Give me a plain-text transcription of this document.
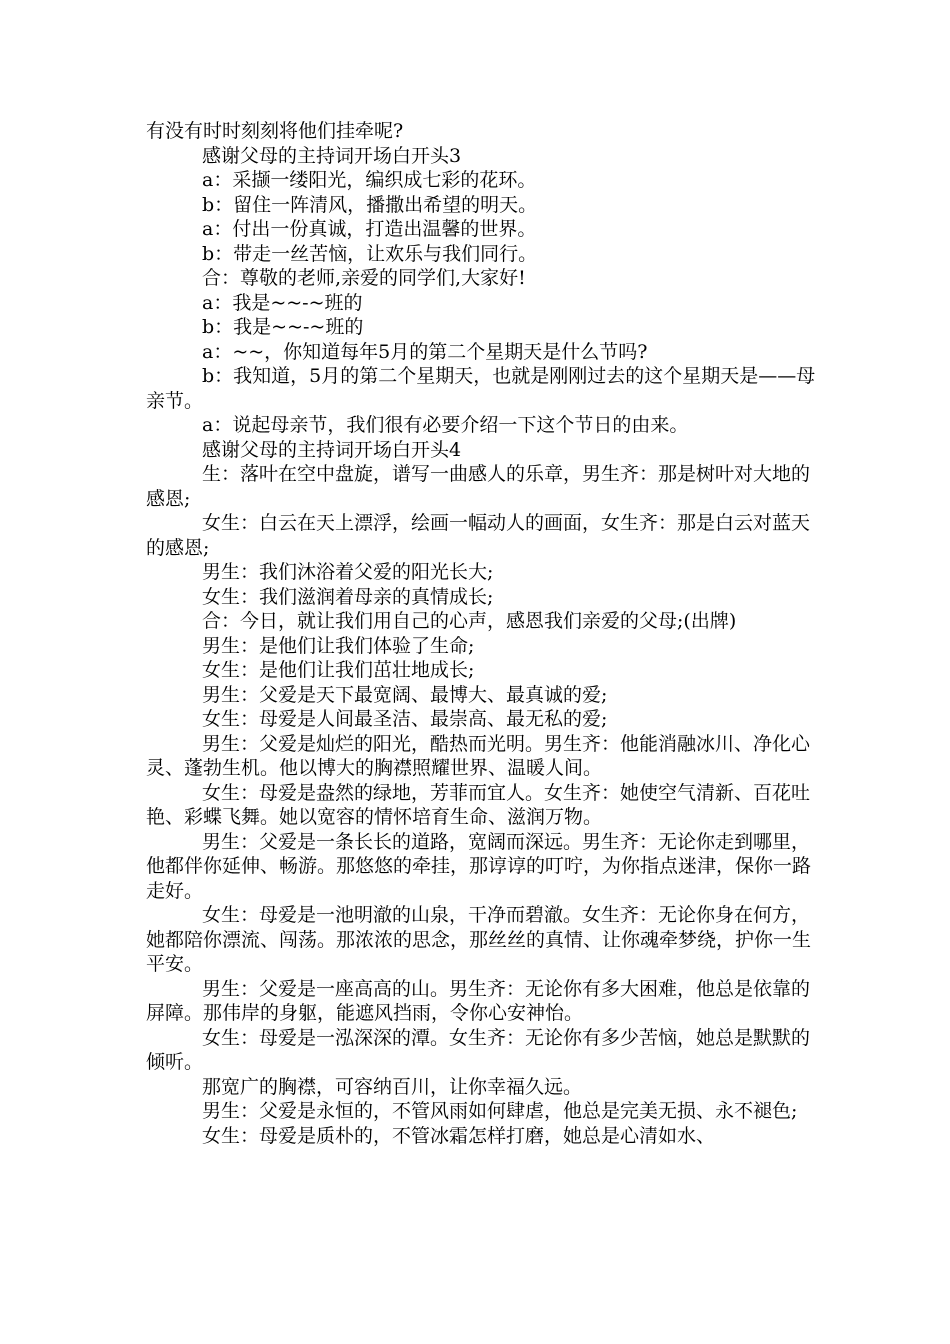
有没有时时刻刻将他们挂牵呢?

感谢父母的主持词开场白开头3

a：采撷一缕阳光，编织成七彩的花环。

b：留住一阵清风，播撒出希望的明天。

a：付出一份真诚，打造出温馨的世界。

b：带走一丝苦恼，让欢乐与我们同行。

合：尊敬的老师,亲爱的同学们,大家好!

a：我是~~-~班的

b：我是~~-~班的

a：~~，你知道每年5月的第二个星期天是什么节吗?

b：我知道，5月的第二个星期天，也就是刚刚过去的这个星期天是——母亲节。

a：说起母亲节，我们很有必要介绍一下这个节日的由来。

感谢父母的主持词开场白开头4

生：落叶在空中盘旋，谱写一曲感人的乐章，男生齐：那是树叶对大地的感恩;

女生：白云在天上漂浮，绘画一幅动人的画面，女生齐：那是白云对蓝天的感恩;

男生：我们沐浴着父爱的阳光长大;

女生：我们滋润着母亲的真情成长;

合：今日，就让我们用自己的心声，感恩我们亲爱的父母;(出牌)

男生：是他们让我们体验了生命;

女生：是他们让我们茁壮地成长;

男生：父爱是天下最宽阔、最博大、最真诚的爱;

女生：母爱是人间最圣洁、最崇高、最无私的爱;

男生：父爱是灿烂的阳光，酷热而光明。男生齐：他能消融冰川、净化心灵、蓬勃生机。他以博大的胸襟照耀世界、温暖人间。

女生：母爱是盎然的绿地，芳菲而宜人。女生齐：她使空气清新、百花吐艳、彩蝶飞舞。她以宽容的情怀培育生命、滋润万物。

男生：父爱是一条长长的道路，宽阔而深远。男生齐：无论你走到哪里，他都伴你延伸、畅游。那悠悠的牵挂，那谆谆的叮咛，为你指点迷津，保你一路走好。

女生：母爱是一池明澈的山泉，干净而碧澈。女生齐：无论你身在何方，她都陪你漂流、闯荡。那浓浓的思念，那丝丝的真情、让你魂牵梦绕，护你一生平安。

男生：父爱是一座高高的山。男生齐：无论你有多大困难，他总是依靠的屏障。那伟岸的身躯，能遮风挡雨，令你心安神怡。

女生：母爱是一泓深深的潭。女生齐：无论你有多少苦恼，她总是默默的倾听。

那宽广的胸襟，可容纳百川，让你幸福久远。

男生：父爱是永恒的，不管风雨如何肆虐，他总是完美无损、永不褪色;

女生：母爱是质朴的，不管冰霜怎样打磨，她总是心清如水、
